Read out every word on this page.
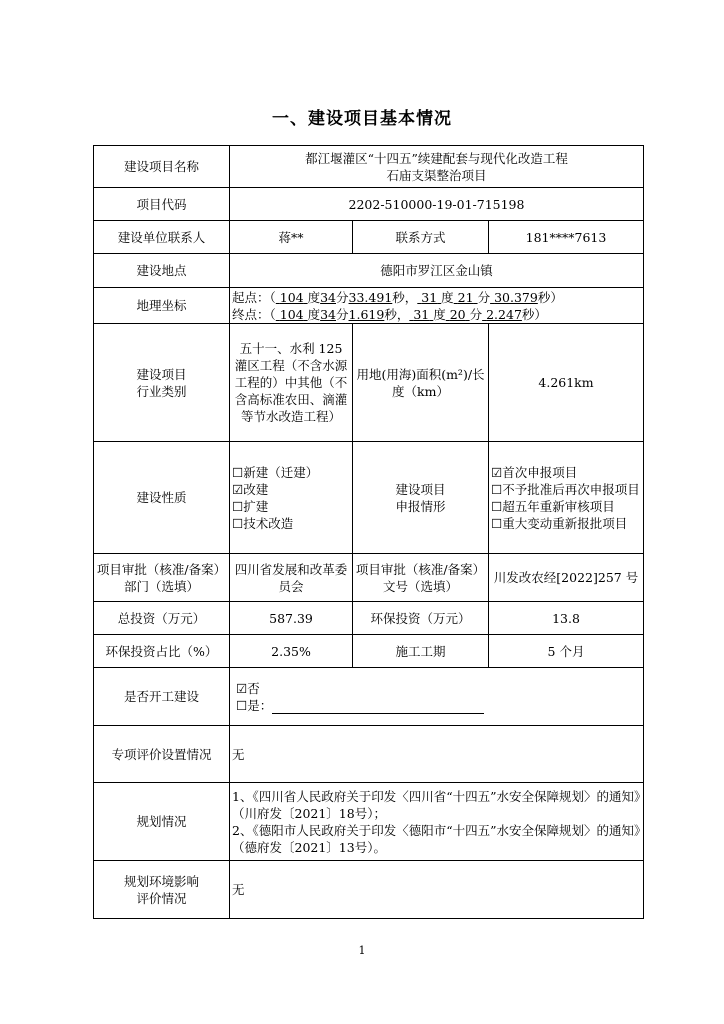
一、建设项目基本情况
建设项目名称	都江堰灌区“十四五”续建配套与现代化改造工程
石庙支渠整治项目		

项目代码	2202-510000-19-01-715198		
建设单位联系人	蒋**	联系方式	181****7613
建设地点	德阳市罗江区金山镇		
地理坐标	起点：（ 104 度34分33.491秒， 31 度 21 分 30.379秒）
终点：（ 104 度34分1.619秒， 31 度 20 分 2.247秒）		

建设项目
行业类别	五十一、水利 125 灌区工程（不含水源工程的）中其他（不含高标准农田、滴灌等节水改造工程）	用地(用海)面积(m²)/长度（km）	4.261km
建设性质	☐新建（迁建）
☑改建
☐扩建
☐技术改造	建设项目
申报情形	☑首次申报项目
☐不予批准后再次申报项目
☐超五年重新审核项目
☐重大变动重新报批项目

项目审批（核准/备案）部门（选填）	四川省发展和改革委员会	项目审批（核准/备案）文号（选填）	川发改农经[2022]257 号
总投资（万元）	587.39	环保投资（万元）	13.8
环保投资占比（%）	2.35%	施工工期	5 个月
是否开工建设	☑否
☐是：		

专项评价设置情况	无		
规划情况	1、《四川省人民政府关于印发〈四川省“十四五”水安全保障规划〉的通知》（川府发〔2021〕18号）；
2、《德阳市人民政府关于印发〈德阳市“十四五”水安全保障规划〉的通知》（德府发〔2021〕13号）。		

规划环境影响
评价情况	无		
1
